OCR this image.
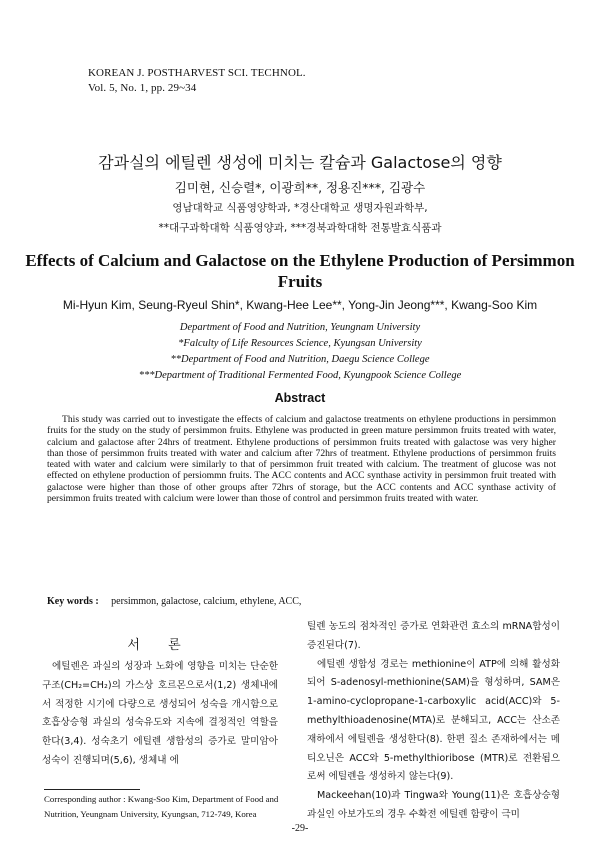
KOREAN J. POSTHARVEST SCI. TECHNOL.
Vol. 5, No. 1, pp. 29~34
감과실의 에틸렌 생성에 미치는 칼슘과 Galactose의 영향
김미현, 신승렬*, 이광희**, 정용진***, 김광수
영남대학교 식품영양학과, *경산대학교 생명자원과학부,
**대구과학대학 식품영양과, ***경북과학대학 전통발효식품과
Effects of Calcium and Galactose on the Ethylene Production of Persimmon Fruits
Mi-Hyun Kim, Seung-Ryeul Shin*, Kwang-Hee Lee**, Yong-Jin Jeong***, Kwang-Soo Kim
Department of Food and Nutrition, Yeungnam University
*Falculty of Life Resources Science, Kyungsan University
**Department of Food and Nutrition, Daegu Science College
***Department of Traditional Fermented Food, Kyungpook Science College
Abstract

This study was carried out to investigate the effects of calcium and galactose treatments on ethylene productions in persimmon fruits for the study on the study of persimmon fruits. Ethylene was producted in green mature persimmon fruits treated with water, calcium and galactose after 24hrs of treatment. Ethylene productions of persimmon fruits treated with galactose was very higher than those of persimmon fruits treated with water and calcium after 72hrs of treatment. Ethylene productions of persimmon fruits teated with water and calcium were similarly to that of persimmon fruit treated with calcium. The treatment of glucose was not effected on ethylene production of persiommn fruits. The ACC contents and ACC synthase activity in persimmon fruit treated with galactose were higher than those of other groups after 72hrs of storage, but the ACC contents and ACC synthase activity of persimmon fruits treated with calcium were lower than those of control and persimmon fruits treated with water.

Key words : persimmon, galactose, calcium, ethylene, ACC,
서 론

에틸렌은 과실의 성장과 노화에 영향을 미치는 단순한 구조(CH₂=CH₂)의 가스상 호르몬으로서(1,2) 생체내에서 적정한 시기에 다량으로 생성되어 성숙을 개시함으로 호흡상승형 과실의 성숙유도와 지속에 결정적인 역할을 한다(3,4). 성숙초기 에틸렌 생합성의 증가로 말미암아 성숙이 진행되며(5,6), 생체내 에

틸렌 농도의 점차적인 증가로 연화관련 효소의 mRNA합성이 증진된다(7).

에틸렌 생합성 경로는 methionine이 ATP에 의해 활성화되어 S-adenosyl-methionine(SAM)을 형성하며, SAM은 1-amino-cyclopropane-1-carboxylic acid(ACC)와 5-methylthioadenosine(MTA)로 분해되고, ACC는 산소존재하에서 에틸렌을 생성한다(8). 한편 질소 존재하에서는 메티오닌은 ACC와 5-methylthioribose (MTR)로 전환됨으로써 에틸렌을 생성하지 않는다(9).

Mackeehan(10)과 Tingwa와 Young(11)은 호흡상승형 과실인 아보가도의 경우 수확전 에틸렌 함량이 극미

Corresponding author : Kwang-Soo Kim, Department of Food and Nutrition, Yeungnam University, Kyungsan, 712-749, Korea
-29-
